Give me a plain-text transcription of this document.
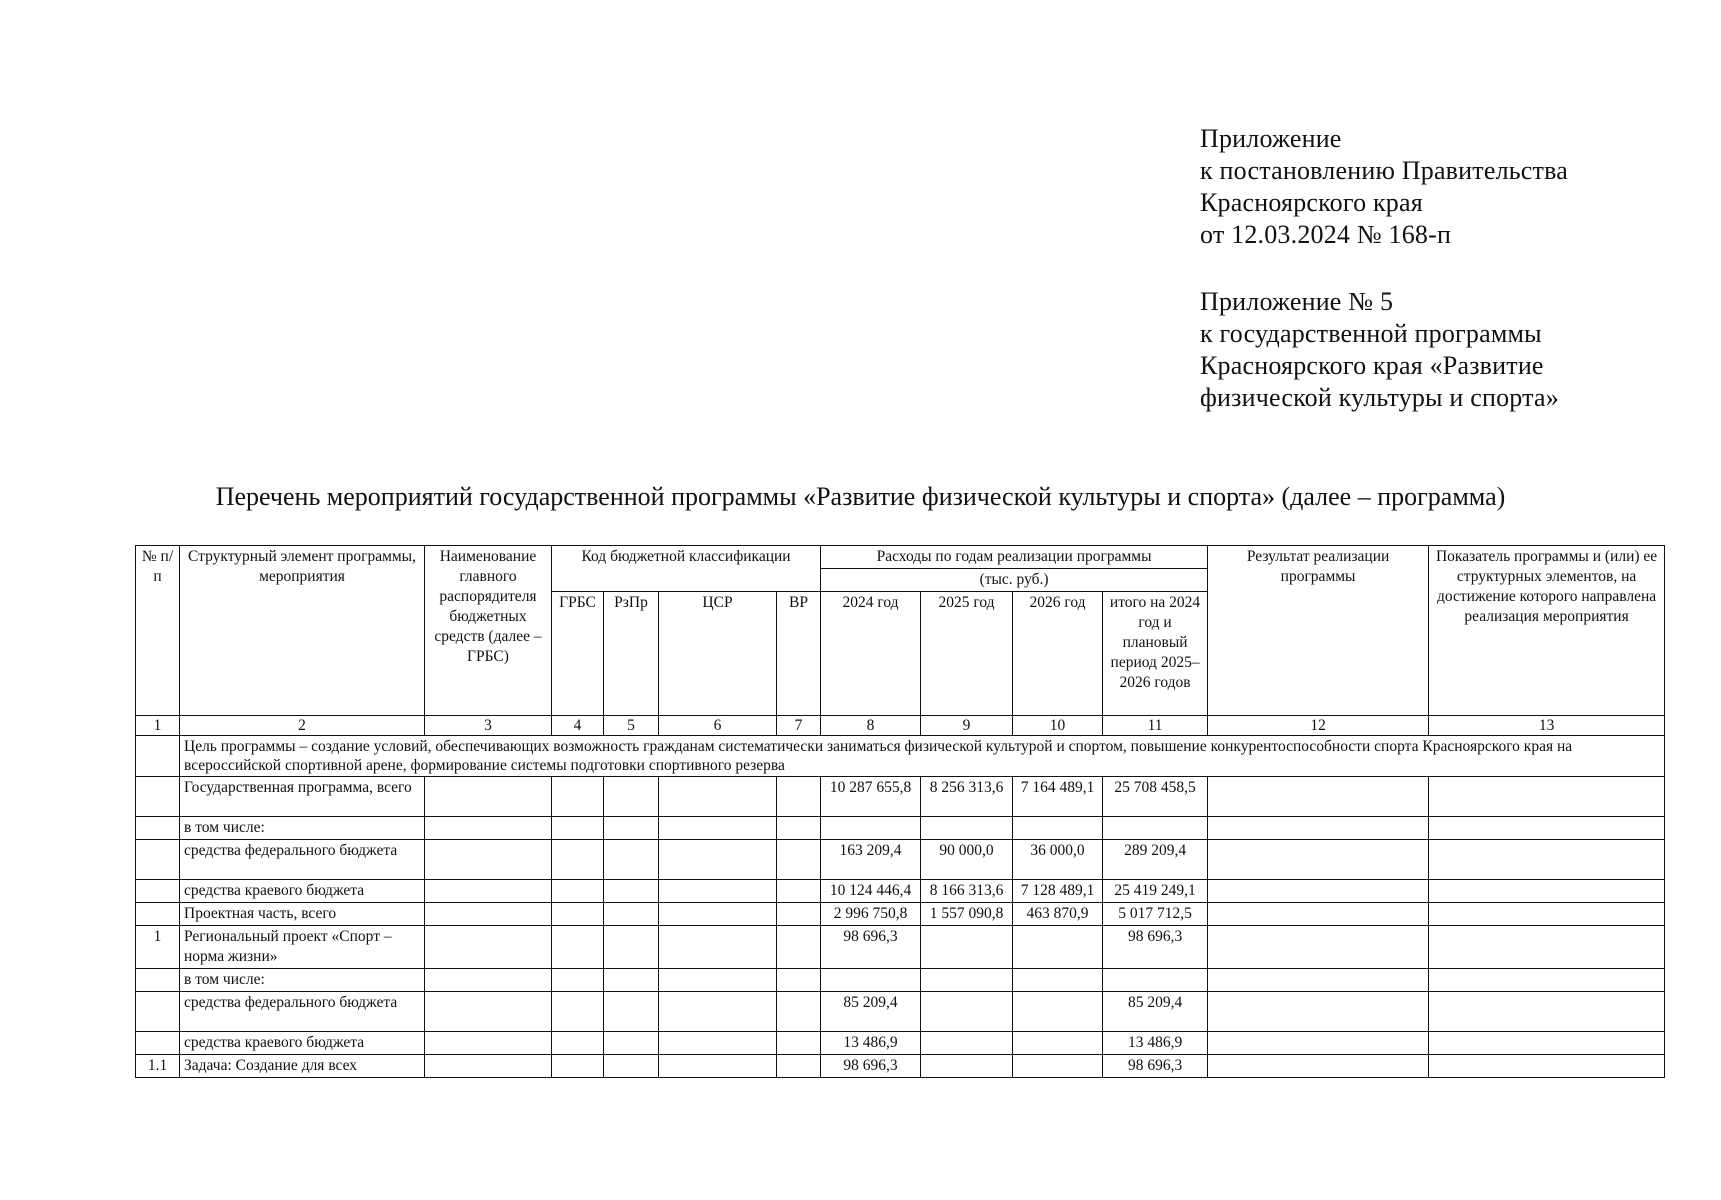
Приложение
к постановлению Правительства
Красноярского края
от 12.03.2024 № 168-п
Приложение № 5
к государственной программы
Красноярского края «Развитие
физической культуры и спорта»
Перечень мероприятий государственной программы «Развитие физической культуры и спорта» (далее – программа)
№ п/п	Структурный элемент программы, мероприятия	Наименование главного распорядителя бюджетных средств (далее – ГРБС)	Код бюджетной классификации				Расходы по годам реализации программы				Результат реализации программы	Показатель программы и (или) ее структурных элементов, на достижение которого направлена реализация мероприятия
							(тыс. руб.)					
			ГРБС	РзПр	ЦСР	ВР	2024 год	2025 год	2026 год	итого на 2024 год и плановый период 2025–2026 годов		
1	2	3	4	5	6	7	8	9	10	11	12	13
	Цель программы – создание условий, обеспечивающих возможность гражданам систематически заниматься физической культурой и спортом, повышение конкурентоспособности спорта Красноярского края на всероссийской спортивной арене, формирование системы подготовки спортивного резерва											
	Государственная программа, всего						10 287 655,8	8 256 313,6	7 164 489,1	25 708 458,5		
	в том числе:											
	средства федерального бюджета						163 209,4	90 000,0	36 000,0	289 209,4		
	средства краевого бюджета						10 124 446,4	8 166 313,6	7 128 489,1	25 419 249,1		
	Проектная часть, всего						2 996 750,8	1 557 090,8	463 870,9	5 017 712,5		
1	Региональный проект «Спорт – норма жизни»						98 696,3			98 696,3		
	в том числе:											
	средства федерального бюджета						85 209,4			85 209,4		
	средства краевого бюджета						13 486,9			13 486,9		
1.1	Задача: Создание для всех						98 696,3			98 696,3		
